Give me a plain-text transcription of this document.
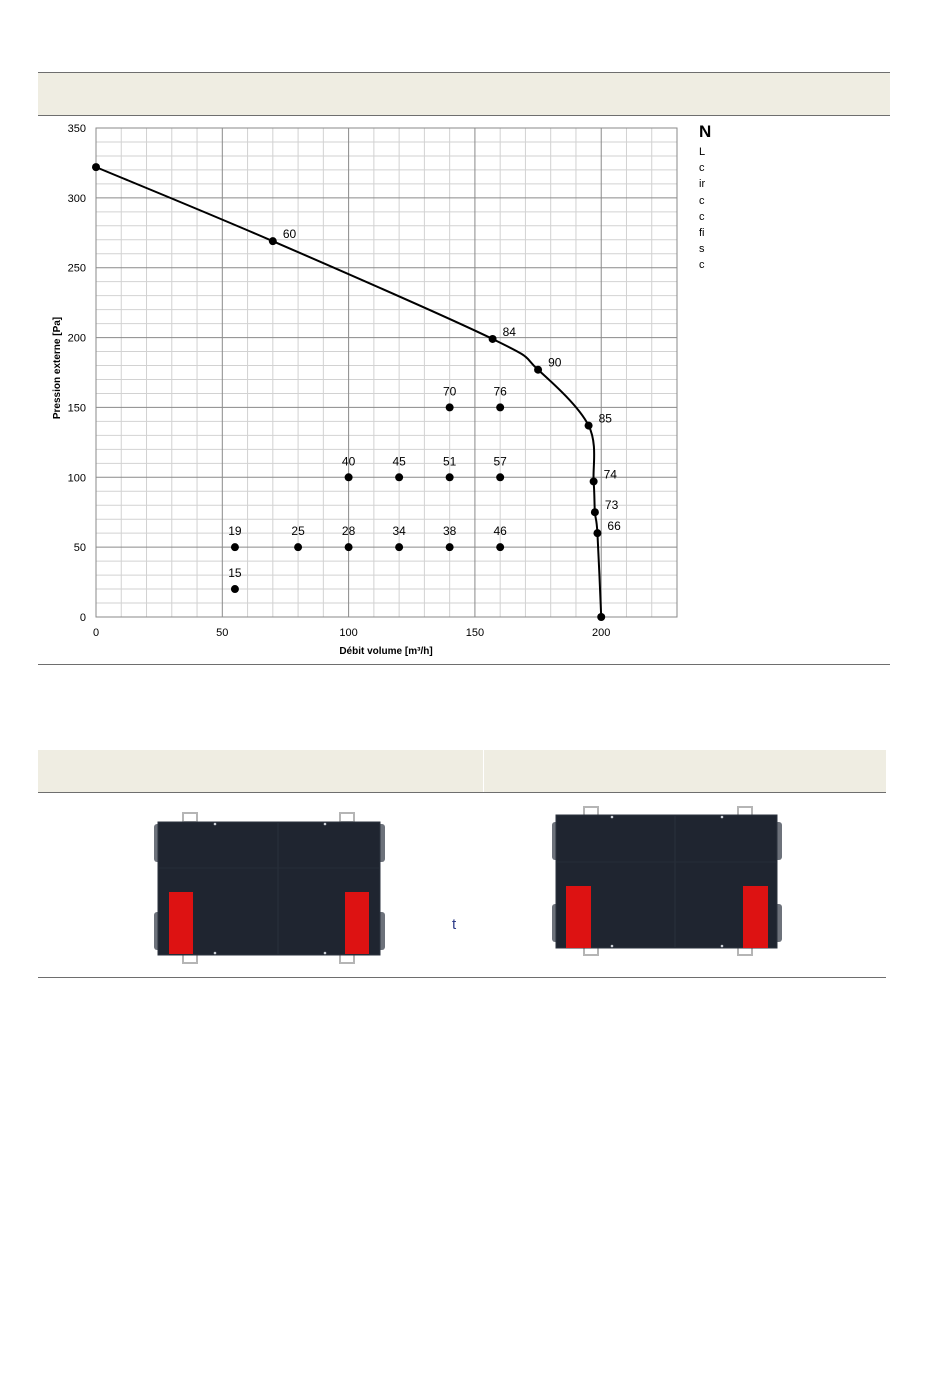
0	50	100	150	200
0
50
100
150
200
250
300
350
60
84
90
85
74
73
66
70	76
40	45	51	57
19	25	28	34	38	46
15
Débit volume [m³/h]
Pression externe [Pa]
N
L
c
ir
c
c
fi
s
c
t
